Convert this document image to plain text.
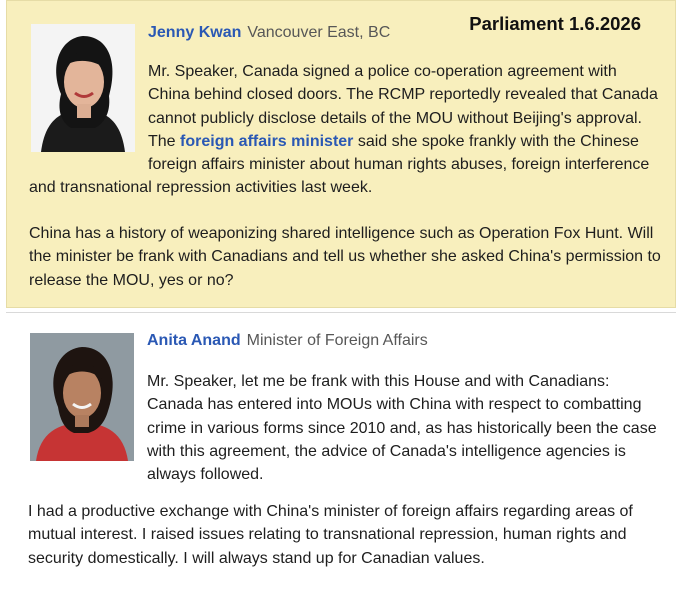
Jenny Kwan Vancouver East, BC	Parliament 1.6.2026

Mr. Speaker, Canada signed a police co-operation agreement with China behind closed doors. The RCMP reportedly revealed that Canada cannot publicly disclose details of the MOU without Beijing's approval. The foreign affairs minister said she spoke frankly with the Chinese foreign affairs minister about human rights abuses, foreign interference

and transnational repression activities last week.

China has a history of weaponizing shared intelligence such as Operation Fox Hunt. Will the minister be frank with Canadians and tell us whether she asked China's permission to release the MOU, yes or no?

Anita Anand Minister of Foreign Affairs

Mr. Speaker, let me be frank with this House and with Canadians: Canada has entered into MOUs with China with respect to combatting crime in various forms since 2010 and, as has historically been the case with this agreement, the advice of Canada's intelligence agencies is always followed.

I had a productive exchange with China's minister of foreign affairs regarding areas of mutual interest. I raised issues relating to transnational repression, human rights and security domestically. I will always stand up for Canadian values.
